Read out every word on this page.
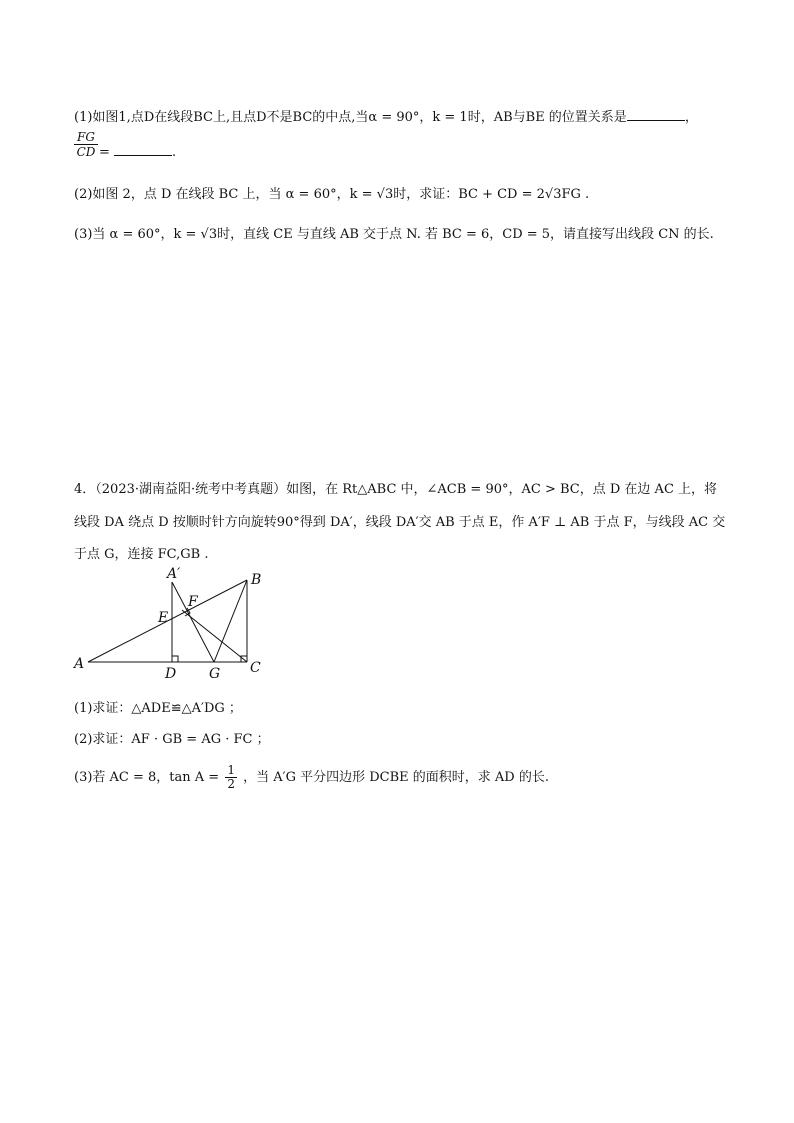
(1)如图1,点D在线段BC上,且点D不是BC的中点,当α = 90°，k = 1时，AB与BE 的位置关系是	，
$\frac{FG}{CD}$ =	.
(2)如图 2，点 D 在线段 BC 上，当 α = 60°，k = √3时，求证：BC + CD = 2√3FG .
(3)当 α = 60°，k = √3时，直线 CE 与直线 AB 交于点 N. 若 BC = 6，CD = 5，请直接写出线段 CN 的长.
4．（2023·湖南益阳·统考中考真题）如图，在 Rt△ABC 中，∠ACB = 90°，AC > BC，点 D 在边 AC 上，将
线段 DA 绕点 D 按顺时针方向旋转90°得到 DA′，线段 DA′交 AB 于点 E，作 A′F ⊥ AB 于点 F，与线段 AC 交
于点 G，连接 FC,GB .
A
B
C
D
E
F
G
A′
(1)求证：△ADE≌△A′DG ；
(2)求证：AF · GB = AG · FC ；
(3)若 AC = 8，$\tan A = \frac{1}{2}$ ，当 A′G 平分四边形 DCBE 的面积时，求 AD 的长.
